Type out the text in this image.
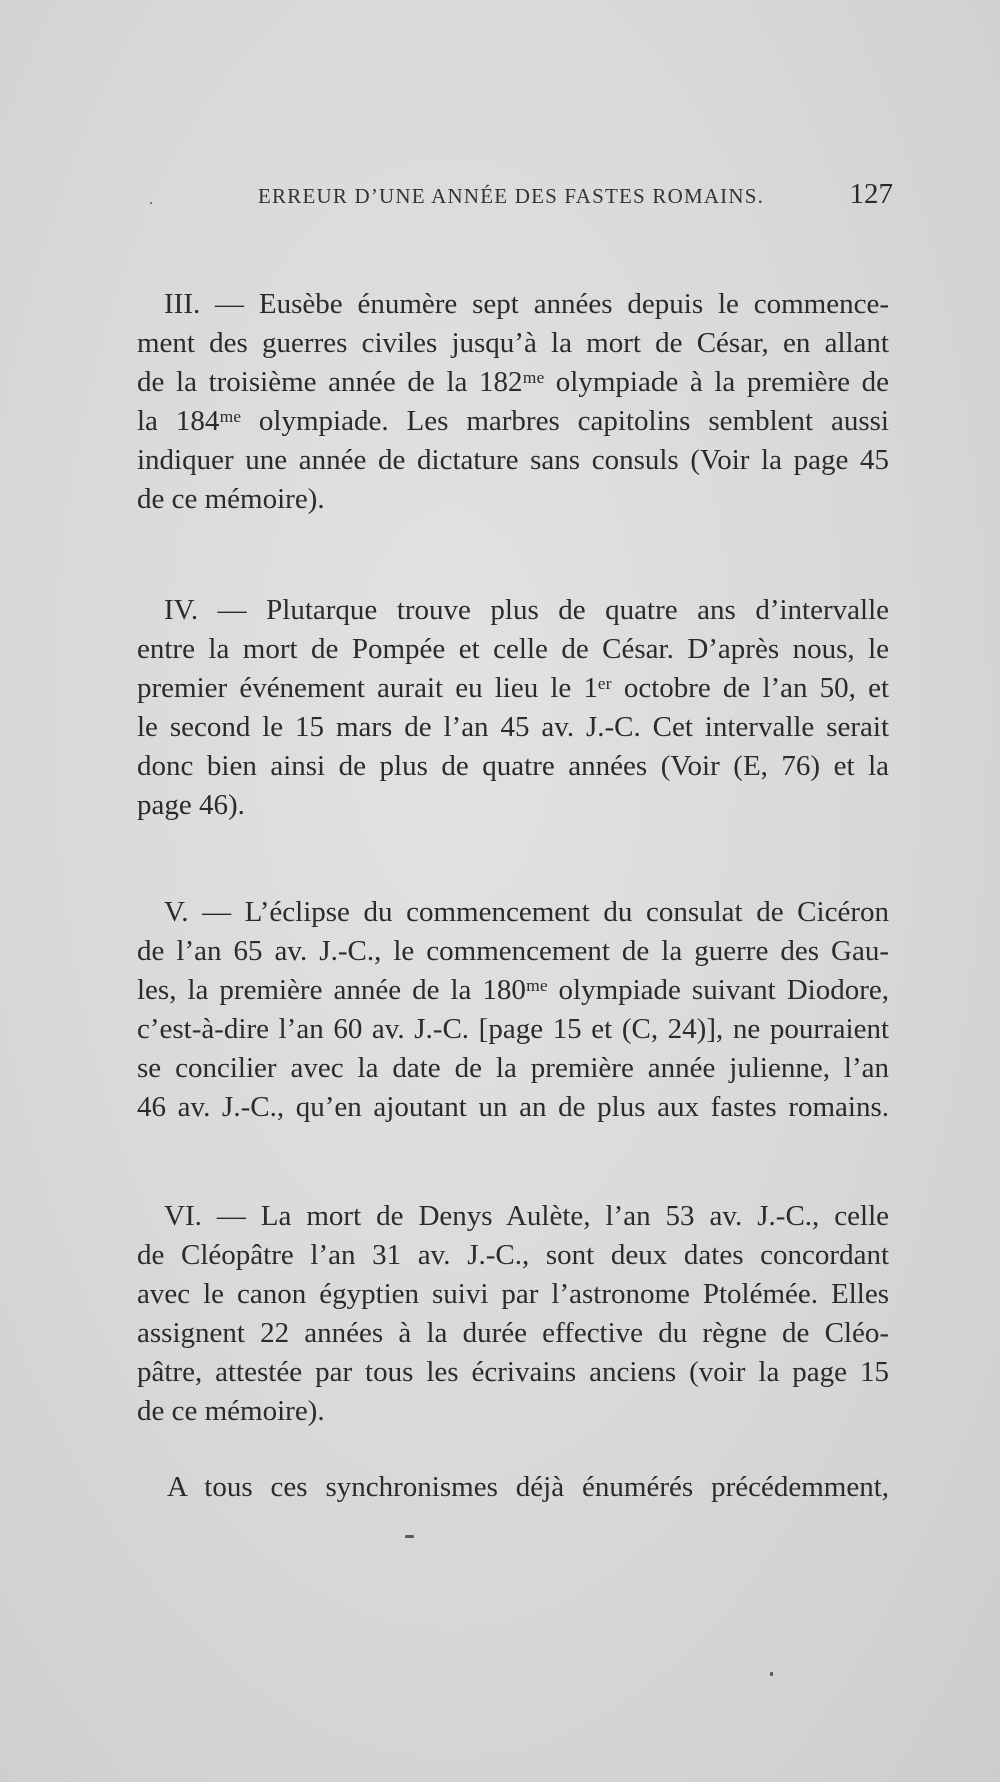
ERREUR D’UNE ANNÉE DES FASTES ROMAINS.	127
III. — Eusèbe énumère sept années depuis le commence-
ment des guerres civiles jusqu’à la mort de César, en allant
de la troisième année de la 182ᵐᵉ olympiade à la première de
la 184ᵐᵉ olympiade. Les marbres capitolins semblent aussi
indiquer une année de dictature sans consuls (Voir la page 45
de ce mémoire).
IV. — Plutarque trouve plus de quatre ans d’intervalle
entre la mort de Pompée et celle de César. D’après nous, le
premier événement aurait eu lieu le 1ᵉʳ octobre de l’an 50, et
le second le 15 mars de l’an 45 av. J.-C. Cet intervalle serait
donc bien ainsi de plus de quatre années (Voir (E, 76) et la
page 46).
V. — L’éclipse du commencement du consulat de Cicéron
de l’an 65 av. J.-C., le commencement de la guerre des Gau-
les, la première année de la 180ᵐᵉ olympiade suivant Diodore,
c’est-à-dire l’an 60 av. J.-C. [page 15 et (C, 24)], ne pourraient
se concilier avec la date de la première année julienne, l’an
46 av. J.-C., qu’en ajoutant un an de plus aux fastes romains.
VI. — La mort de Denys Aulète, l’an 53 av. J.-C., celle
de Cléopâtre l’an 31 av. J.-C., sont deux dates concordant
avec le canon égyptien suivi par l’astronome Ptolémée. Elles
assignent 22 années à la durée effective du règne de Cléo-
pâtre, attestée par tous les écrivains anciens (voir la page 15
de ce mémoire).
A tous ces synchronismes déjà énumérés précédemment,
